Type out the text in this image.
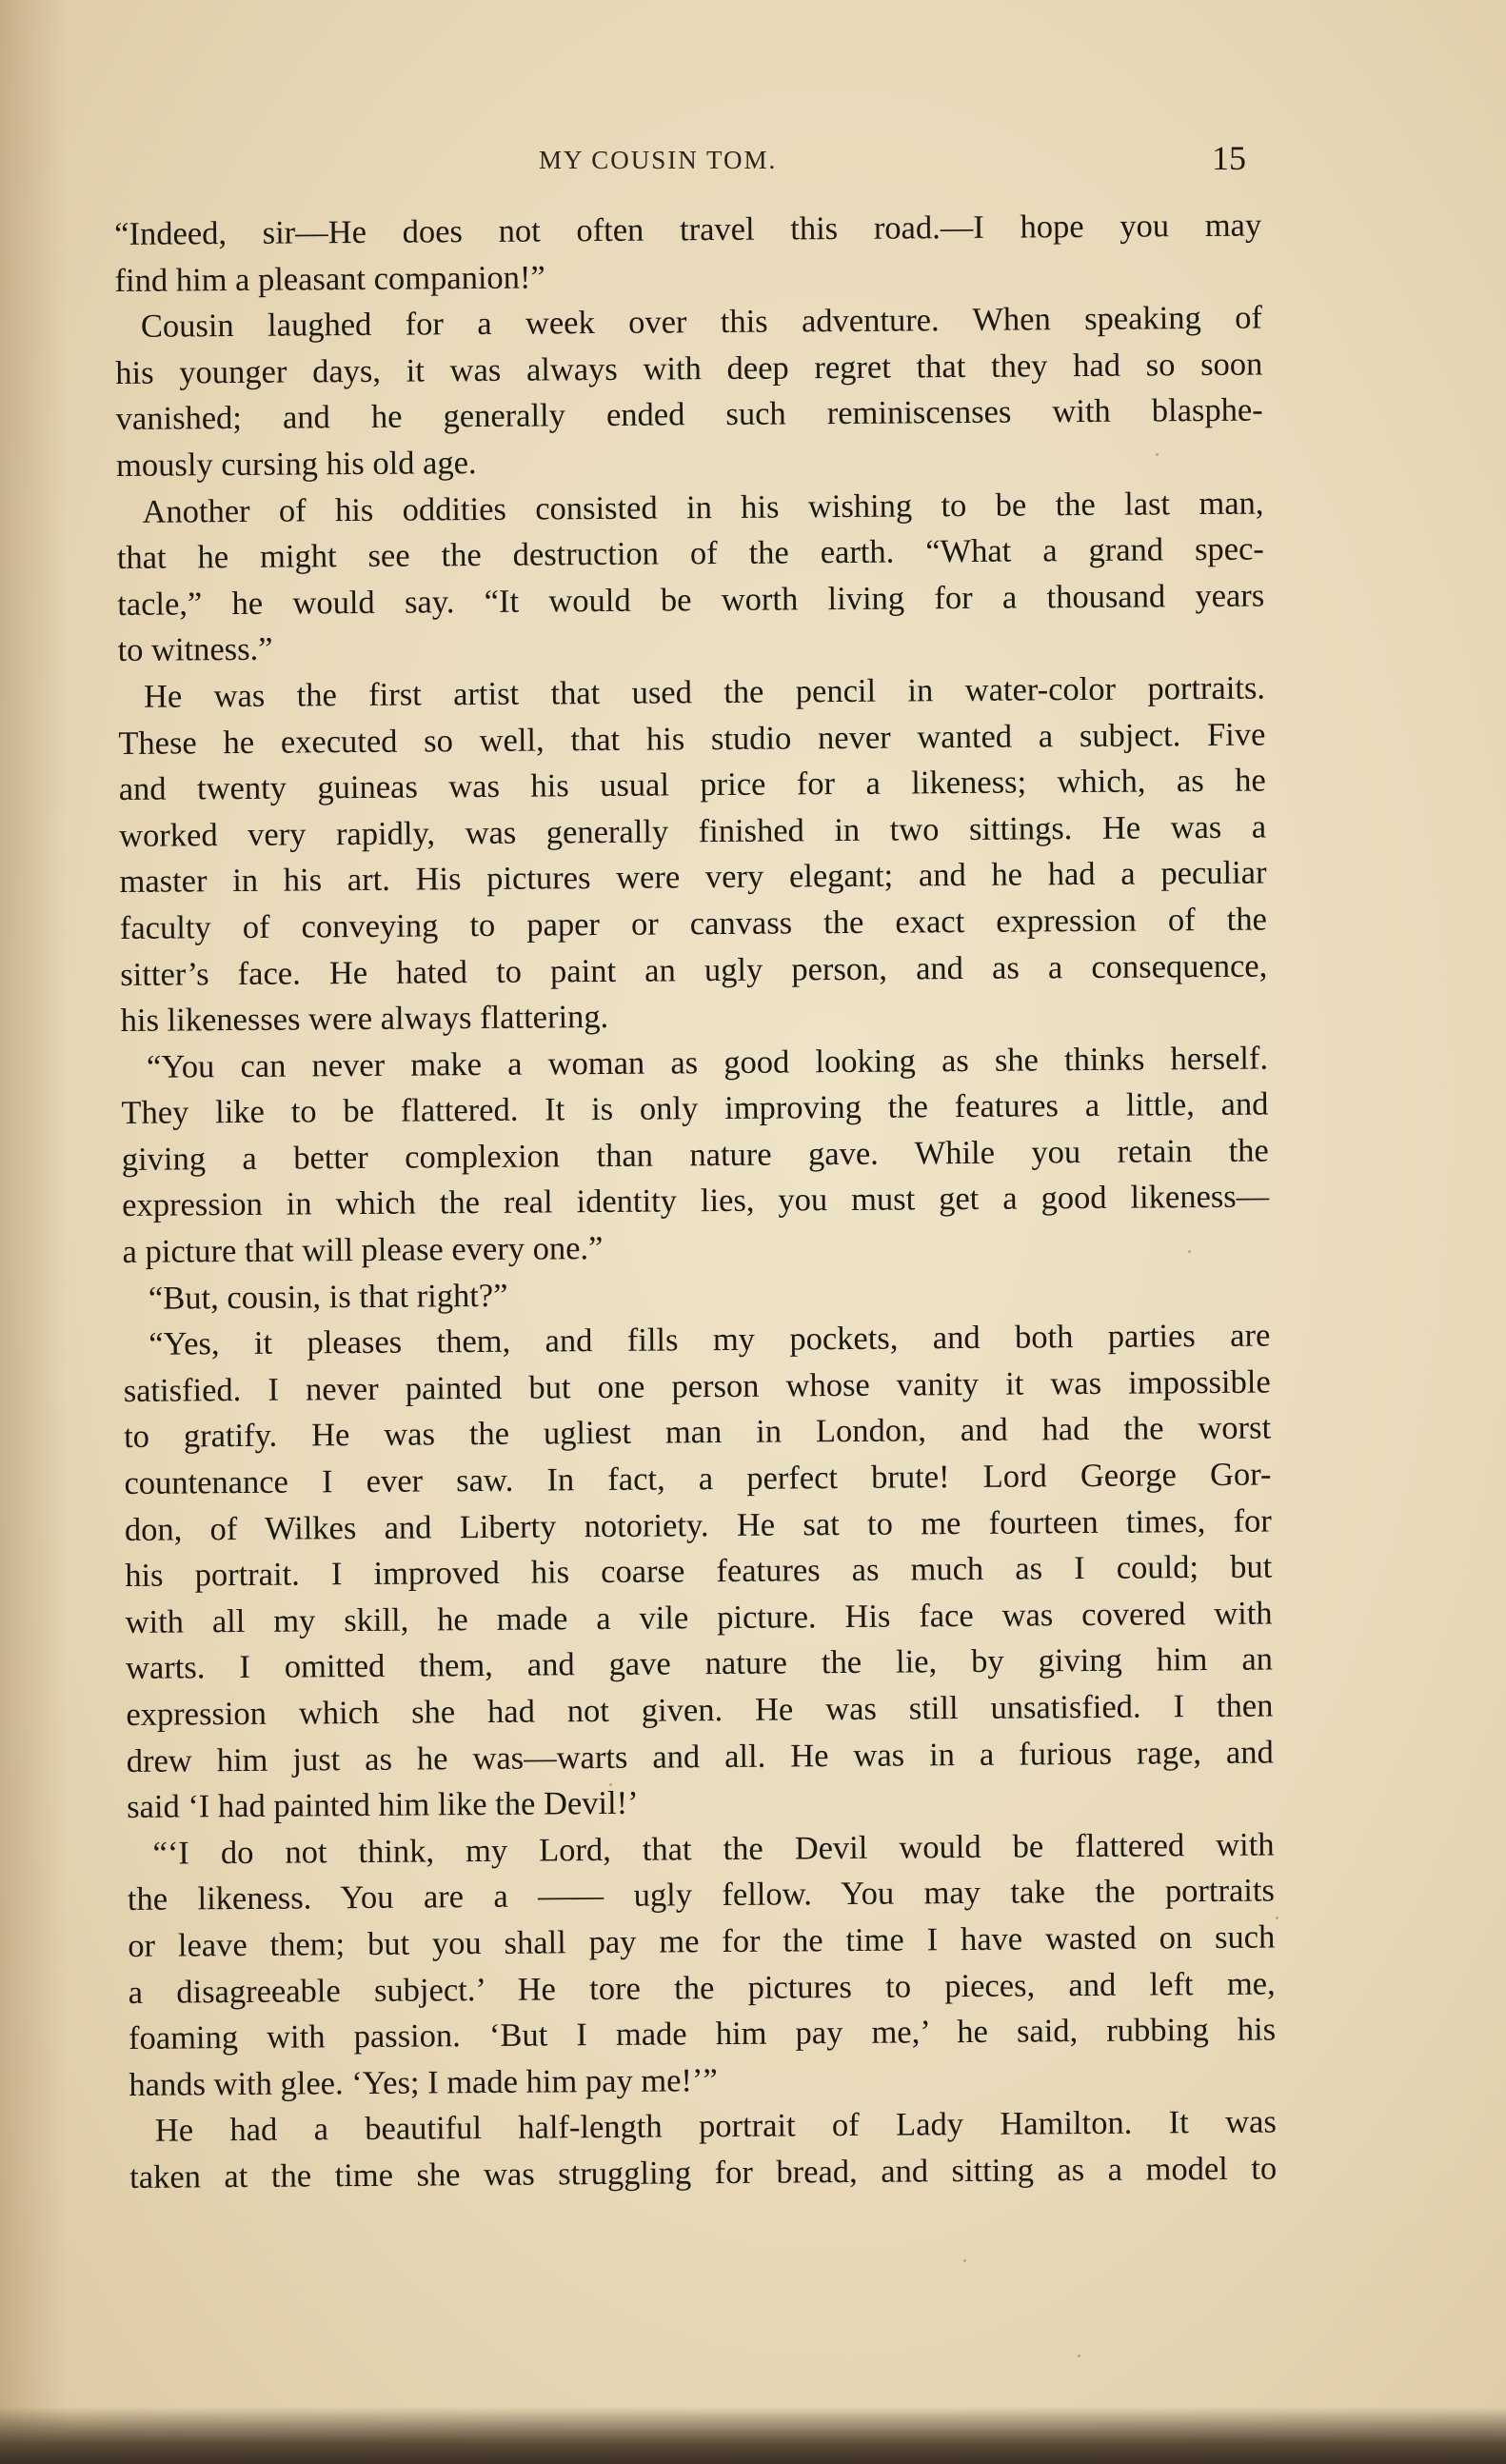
MY COUSIN TOM.	15
“Indeed, sir—He does not often travel this road.—I hope you may
find him a pleasant companion!”
Cousin laughed for a week over this adventure. When speaking of
his younger days, it was always with deep regret that they had so soon
vanished; and he generally ended such reminiscenses with blasphe-
mously cursing his old age.
Another of his oddities consisted in his wishing to be the last man,
that he might see the destruction of the earth. “What a grand spec-
tacle,” he would say. “It would be worth living for a thousand years
to witness.”
He was the first artist that used the pencil in water-color portraits.
These he executed so well, that his studio never wanted a subject. Five
and twenty guineas was his usual price for a likeness; which, as he
worked very rapidly, was generally finished in two sittings. He was a
master in his art. His pictures were very elegant; and he had a peculiar
faculty of conveying to paper or canvass the exact expression of the
sitter’s face. He hated to paint an ugly person, and as a consequence,
his likenesses were always flattering.
“You can never make a woman as good looking as she thinks herself.
They like to be flattered. It is only improving the features a little, and
giving a better complexion than nature gave. While you retain the
expression in which the real identity lies, you must get a good likeness—
a picture that will please every one.”
“But, cousin, is that right?”
“Yes, it pleases them, and fills my pockets, and both parties are
satisfied. I never painted but one person whose vanity it was impossible
to gratify. He was the ugliest man in London, and had the worst
countenance I ever saw. In fact, a perfect brute! Lord George Gor-
don, of Wilkes and Liberty notoriety. He sat to me fourteen times, for
his portrait. I improved his coarse features as much as I could; but
with all my skill, he made a vile picture. His face was covered with
warts. I omitted them, and gave nature the lie, by giving him an
expression which she had not given. He was still unsatisfied. I then
drew him just as he was—warts and all. He was in a furious rage, and
said ‘I had painted him like the Devil!’
“‘I do not think, my Lord, that the Devil would be flattered with
the likeness. You are a —— ugly fellow. You may take the portraits
or leave them; but you shall pay me for the time I have wasted on such
a disagreeable subject.’ He tore the pictures to pieces, and left me,
foaming with passion. ‘But I made him pay me,’ he said, rubbing his
hands with glee. ‘Yes; I made him pay me!’”
He had a beautiful half-length portrait of Lady Hamilton. It was
taken at the time she was struggling for bread, and sitting as a model to
